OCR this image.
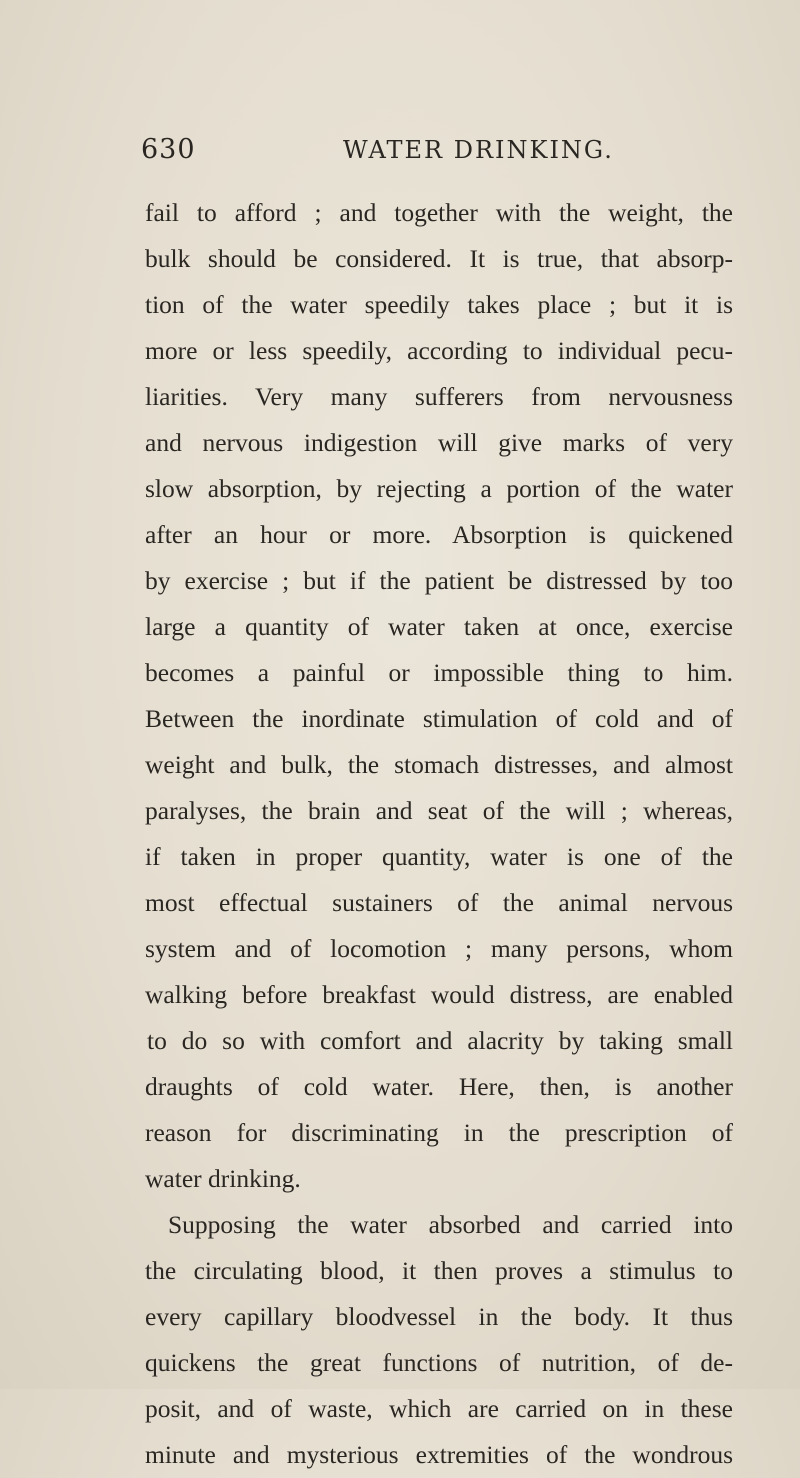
630	WATER DRINKING.
fail to afford ; and together with the weight, the
bulk should be considered. It is true, that absorp-
tion of the water speedily takes place ; but it is
more or less speedily, according to individual pecu-
liarities. Very many sufferers from nervousness
and nervous indigestion will give marks of very
slow absorption, by rejecting a portion of the water
after an hour or more. Absorption is quickened
by exercise ; but if the patient be distressed by too
large a quantity of water taken at once, exercise
becomes a painful or impossible thing to him.
Between the inordinate stimulation of cold and of
weight and bulk, the stomach distresses, and almost
paralyses, the brain and seat of the will ; whereas,
if taken in proper quantity, water is one of the
most effectual sustainers of the animal nervous
system and of locomotion ; many persons, whom
walking before breakfast would distress, are enabled
to do so with comfort and alacrity by taking small
draughts of cold water. Here, then, is another
reason for discriminating in the prescription of
water drinking.
Supposing the water absorbed and carried into
the circulating blood, it then proves a stimulus to
every capillary bloodvessel in the body. It thus
quickens the great functions of nutrition, of de-
posit, and of waste, which are carried on in these
minute and mysterious extremities of the wondrous
